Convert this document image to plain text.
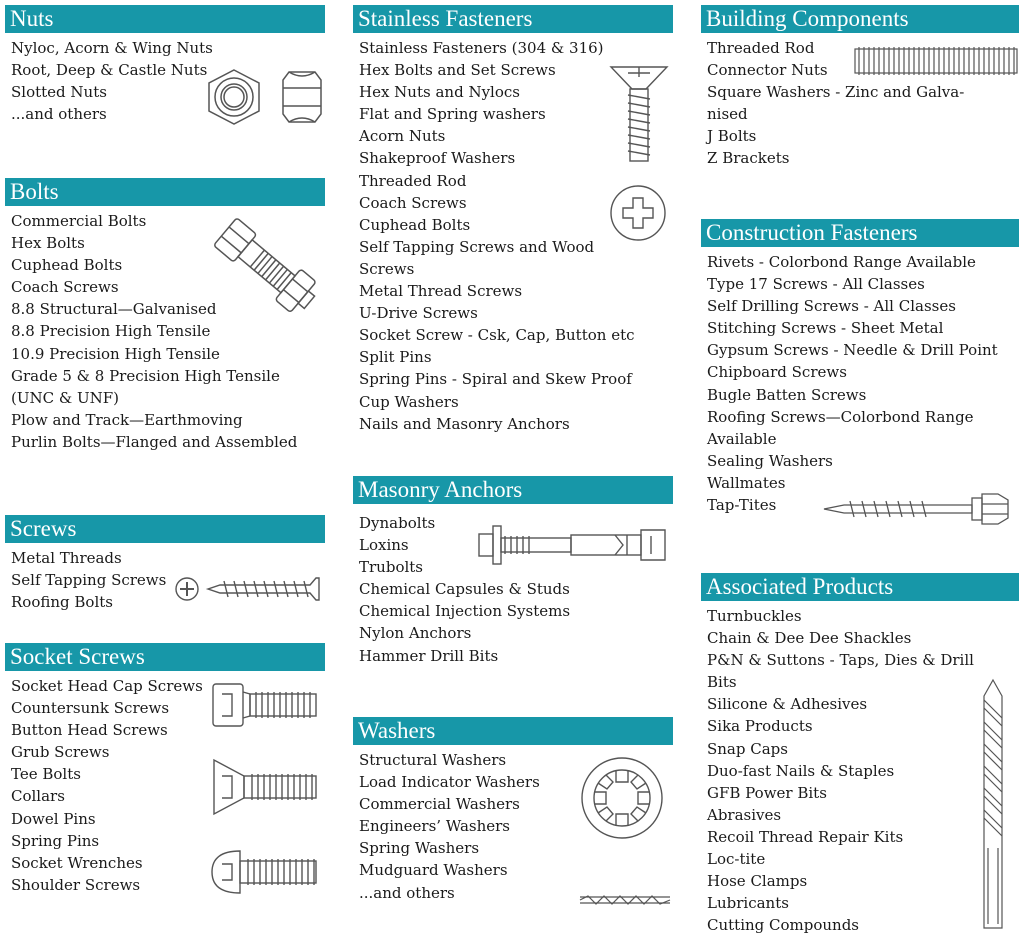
Nuts
Nyloc, Acorn & Wing Nuts
Root, Deep & Castle Nuts
Slotted Nuts
...and others
Bolts
Commercial Bolts
Hex Bolts
Cuphead Bolts
Coach Screws
8.8 Structural—Galvanised
8.8 Precision High Tensile
10.9 Precision High Tensile
Grade 5 & 8 Precision High Tensile
(UNC & UNF)
Plow and Track—Earthmoving
Purlin Bolts—Flanged and Assembled
Screws
Metal Threads
Self Tapping Screws
Roofing Bolts
Socket Screws
Socket Head Cap Screws
Countersunk Screws
Button Head Screws
Grub Screws
Tee Bolts
Collars
Dowel Pins
Spring Pins
Socket Wrenches
Shoulder Screws
Stainless Fasteners
Stainless Fasteners (304 & 316)
Hex Bolts and Set Screws
Hex Nuts and Nylocs
Flat and Spring washers
Acorn Nuts
Shakeproof Washers
Threaded Rod
Coach Screws
Cuphead Bolts
Self Tapping Screws and Wood
Screws
Metal Thread Screws
U-Drive Screws
Socket Screw - Csk, Cap, Button etc
Split Pins
Spring Pins - Spiral and Skew Proof
Cup Washers
Nails and Masonry Anchors
Masonry Anchors
Dynabolts
Loxins
Trubolts
Chemical Capsules & Studs
Chemical Injection Systems
Nylon Anchors
Hammer Drill Bits
Washers
Structural Washers
Load Indicator Washers
Commercial Washers
Engineers’ Washers
Spring Washers
Mudguard Washers
...and others
Building Components
Threaded Rod
Connector Nuts
Square Washers - Zinc and Galva-
nised
J Bolts
Z Brackets
Construction Fasteners
Rivets - Colorbond Range Available
Type 17 Screws - All Classes
Self Drilling Screws - All Classes
Stitching Screws - Sheet Metal
Gypsum Screws - Needle & Drill Point
Chipboard Screws
Bugle Batten Screws
Roofing Screws—Colorbond Range
Available
Sealing Washers
Wallmates
Tap-Tites
Associated Products
Turnbuckles
Chain & Dee Dee Shackles
P&N & Suttons - Taps, Dies & Drill
Bits
Silicone & Adhesives
Sika Products
Snap Caps
Duo-fast Nails & Staples
GFB Power Bits
Abrasives
Recoil Thread Repair Kits
Loc-tite
Hose Clamps
Lubricants
Cutting Compounds
